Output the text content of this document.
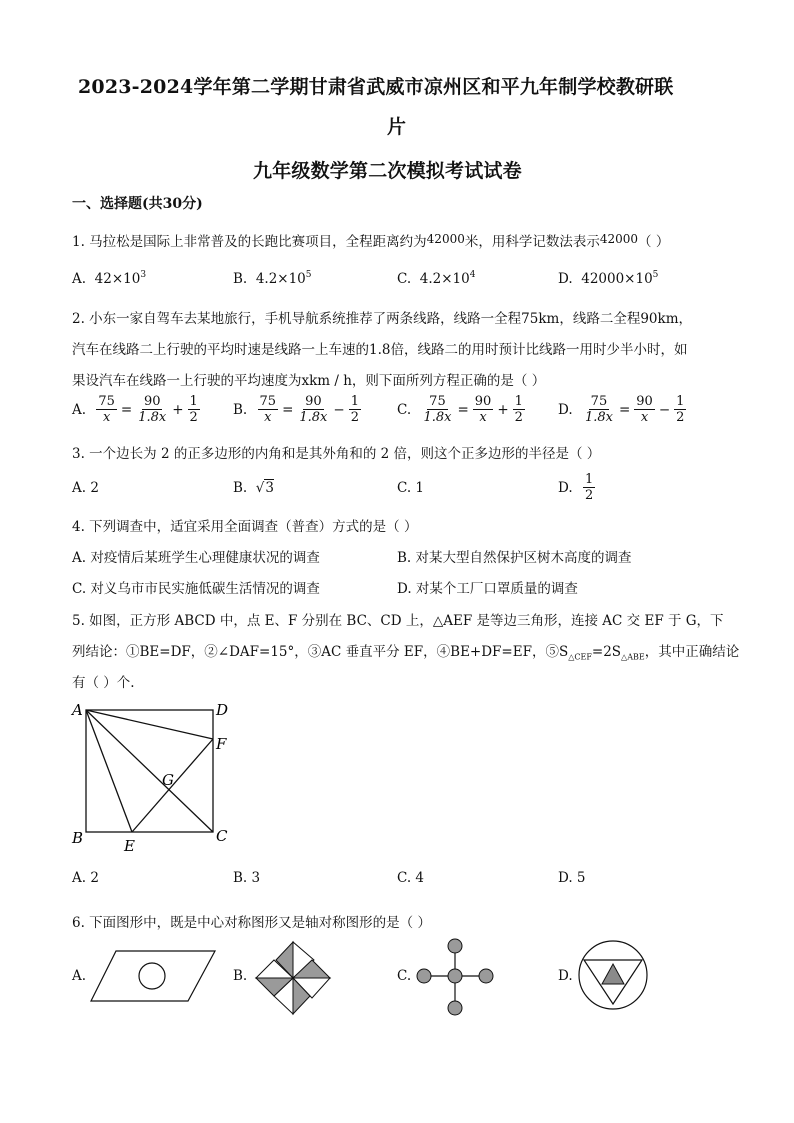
2023-2024学年第二学期甘肃省武威市凉州区和平九年制学校教研联
片
九年级数学第二次模拟考试试卷
一、选择题(共30分)
1. 马拉松是国际上非常普及的长跑比赛项目，全程距离约为42000米，用科学记数法表示42000（ ）
A. $42\times 10^3$	B. $4.2\times 10^5$	C. $4.2\times 10^4$	D. $42000\times 10^5$
2. 小东一家自驾车去某地旅行，手机导航系统推荐了两条线路，线路一全程75km，线路二全程90km，
汽车在线路二上行驶的平均时速是线路一上车速的1.8倍，线路二的用时预计比线路一用时少半小时，如
果设汽车在线路一上行驶的平均速度为xkm / h，则下面所列方程正确的是（ ）
A.
$\frac{75}{x} = \frac{90}{1.8x} + \frac{1}{2} B$.
$\frac{75}{x} = \frac{90}{1.8x} - \frac{1}{2}$	C.
$\frac{75}{1.8x} = \frac{90}{x} + \frac{1}{2} D$.
$\frac{75}{1.8x} = \frac{90}{x} - \frac{1}{2}$
3. 一个边长为 2 的正多边形的内角和是其外角和的 2 倍，则这个正多边形的半径是（ ）
A. 2	B.  √3	C. 1	D.
$\frac{1}{2}$
4. 下列调查中，适宜采用全面调查（普查）方式的是（ ）
A. 对疫情后某班学生心理健康状况的调查	B. 对某大型自然保护区树木高度的调查
C. 对义乌市市民实施低碳生活情况的调查	D. 对某个工厂口罩质量的调查
5. 如图，正方形 ABCD 中，点 E、F 分别在 BC、CD 上，△AEF 是等边三角形，连接 AC 交 EF 于 G，下
列结论：①BE=DF，②∠DAF=15°，③AC 垂直平分 EF，④BE+DF=EF，$⑤S_{\triangle CEF}=2S_{\triangle ABE}$，其中正确结论
有（ ）个.
A	D
F
G
B	C
E
A. 2	B. 3	C. 4	D. 5
6. 下面图形中，既是中心对称图形又是轴对称图形的是（ ）
A.	B.	C.	D.
